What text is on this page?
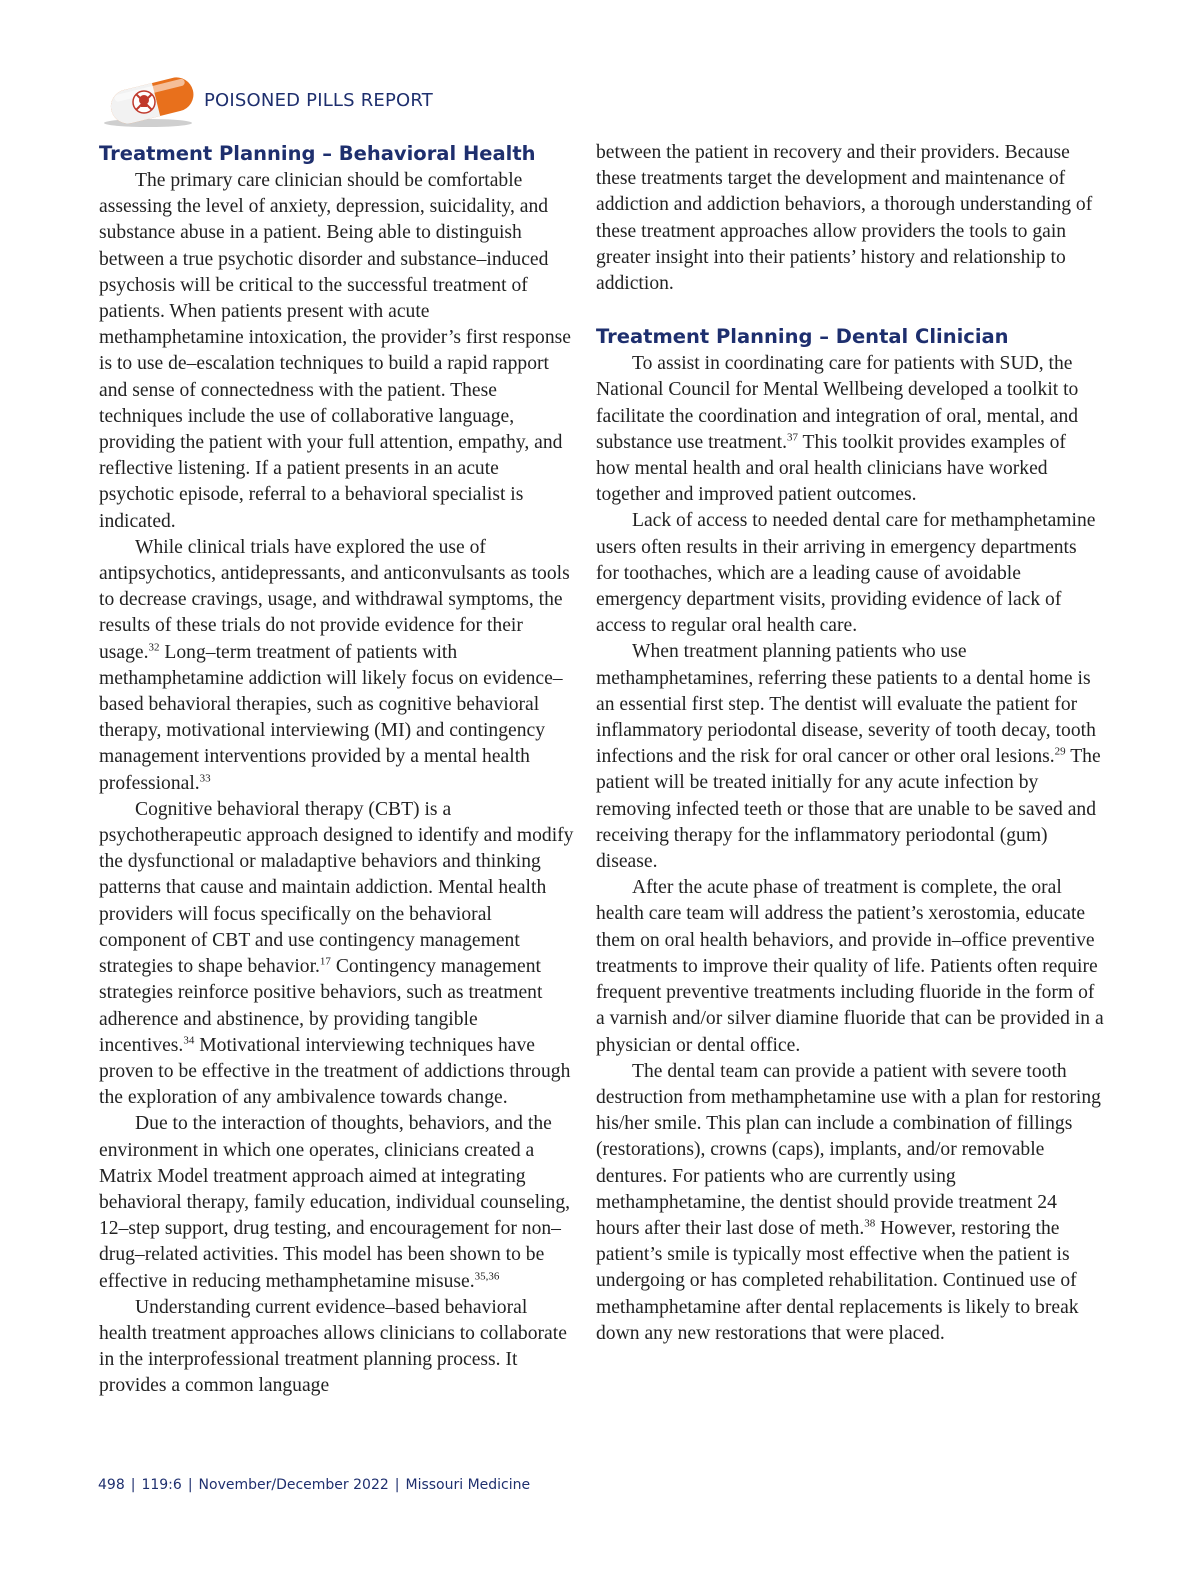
POISONED PILLS REPORT
Treatment Planning – Behavioral Health

The primary care clinician should be comfortable assessing the level of anxiety, depression, suicidality, and substance abuse in a patient. Being able to distinguish between a true psychotic disorder and substance–induced psychosis will be critical to the successful treatment of patients. When patients present with acute methamphetamine intoxication, the provider’s first response is to use de–escalation techniques to build a rapid rapport and sense of connectedness with the patient. These techniques include the use of collaborative language, providing the patient with your full attention, empathy, and reflective listening. If a patient presents in an acute psychotic episode, referral to a behavioral specialist is indicated.

While clinical trials have explored the use of antipsychotics, antidepressants, and anticonvulsants as tools to decrease cravings, usage, and withdrawal symptoms, the results of these trials do not provide evidence for their usage.$^{32}$ Long–term treatment of patients with methamphetamine addiction will likely focus on evidence–based behavioral therapies, such as cognitive behavioral therapy, motivational interviewing (MI) and contingency management interventions provided by a mental health professional.$^{33}$

Cognitive behavioral therapy (CBT) is a psychotherapeutic approach designed to identify and modify the dysfunctional or maladaptive behaviors and thinking patterns that cause and maintain addiction. Mental health providers will focus specifically on the behavioral component of CBT and use contingency management strategies to shape behavior.$^{17}$ Contingency management strategies reinforce positive behaviors, such as treatment adherence and abstinence, by providing tangible incentives.$^{34}$ Motivational interviewing techniques have proven to be effective in the treatment of addictions through the exploration of any ambivalence towards change.

Due to the interaction of thoughts, behaviors, and the environment in which one operates, clinicians created a Matrix Model treatment approach aimed at integrating behavioral therapy, family education, individual counseling, 12–step support, drug testing, and encouragement for non–drug–related activities. This model has been shown to be effective in reducing methamphetamine misuse.$^{35,36}$

Understanding current evidence–based behavioral health treatment approaches allows clinicians to collaborate in the interprofessional treatment planning process. It provides a common language

between the patient in recovery and their providers. Because these treatments target the development and maintenance of addiction and addiction behaviors, a thorough understanding of these treatment approaches allow providers the tools to gain greater insight into their patients’ history and relationship to addiction.

Treatment Planning – Dental Clinician

To assist in coordinating care for patients with SUD, the National Council for Mental Wellbeing developed a toolkit to facilitate the coordination and integration of oral, mental, and substance use treatment.$^{37}$ This toolkit provides examples of how mental health and oral health clinicians have worked together and improved patient outcomes.

Lack of access to needed dental care for methamphetamine users often results in their arriving in emergency departments for toothaches, which are a leading cause of avoidable emergency department visits, providing evidence of lack of access to regular oral health care.

When treatment planning patients who use methamphetamines, referring these patients to a dental home is an essential first step. The dentist will evaluate the patient for inflammatory periodontal disease, severity of tooth decay, tooth infections and the risk for oral cancer or other oral lesions.$^{29}$ The patient will be treated initially for any acute infection by removing infected teeth or those that are unable to be saved and receiving therapy for the inflammatory periodontal (gum) disease.

After the acute phase of treatment is complete, the oral health care team will address the patient’s xerostomia, educate them on oral health behaviors, and provide in–office preventive treatments to improve their quality of life. Patients often require frequent preventive treatments including fluoride in the form of a varnish and/or silver diamine fluoride that can be provided in a physician or dental office.

The dental team can provide a patient with severe tooth destruction from methamphetamine use with a plan for restoring his/her smile. This plan can include a combination of fillings (restorations), crowns (caps), implants, and/or removable dentures. For patients who are currently using methamphetamine, the dentist should provide treatment 24 hours after their last dose of meth.$^{38}$ However, restoring the patient’s smile is typically most effective when the patient is undergoing or has completed rehabilitation. Continued use of methamphetamine after dental replacements is likely to break down any new restorations that were placed.

498 | 119:6 | November/December 2022 | Missouri Medicine
